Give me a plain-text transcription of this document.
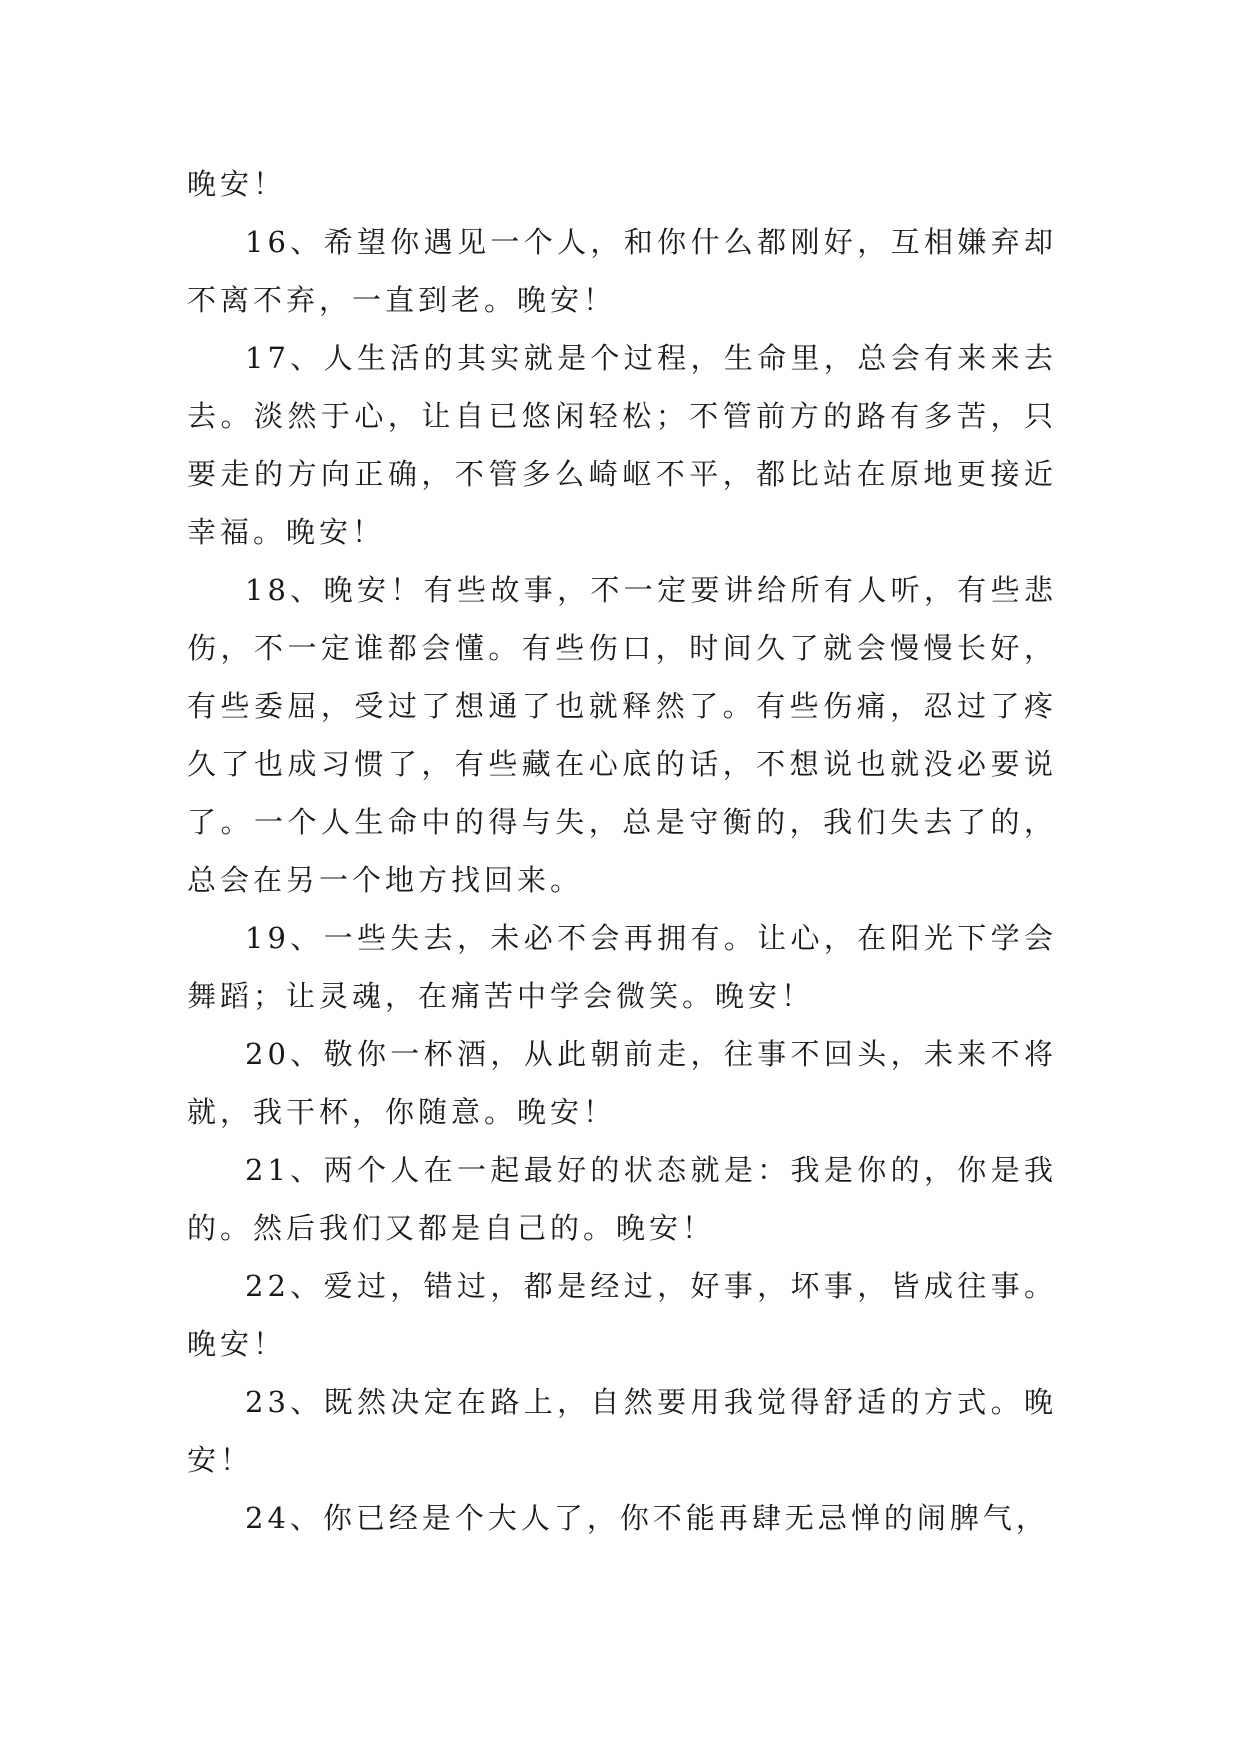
晚安！

16、希望你遇见一个人，和你什么都刚好，互相嫌弃却不离不弃，一直到老。晚安！

17、人生活的其实就是个过程，生命里，总会有来来去去。淡然于心，让自已悠闲轻松；不管前方的路有多苦，只要走的方向正确，不管多么崎岖不平，都比站在原地更接近幸福。晚安！

18、晚安！有些故事，不一定要讲给所有人听，有些悲伤，不一定谁都会懂。有些伤口，时间久了就会慢慢长好，有些委屈，受过了想通了也就释然了。有些伤痛，忍过了疼久了也成习惯了，有些藏在心底的话，不想说也就没必要说了。一个人生命中的得与失，总是守衡的，我们失去了的，总会在另一个地方找回来。

19、一些失去，未必不会再拥有。让心，在阳光下学会舞蹈；让灵魂，在痛苦中学会微笑。晚安！

20、敬你一杯酒，从此朝前走，往事不回头，未来不将就，我干杯，你随意。晚安！

21、两个人在一起最好的状态就是：我是你的，你是我的。然后我们又都是自己的。晚安！

22、爱过，错过，都是经过，好事，坏事，皆成往事。晚安！

23、既然决定在路上，自然要用我觉得舒适的方式。晚安！

24、你已经是个大人了，你不能再肆无忌惮的闹脾气，
